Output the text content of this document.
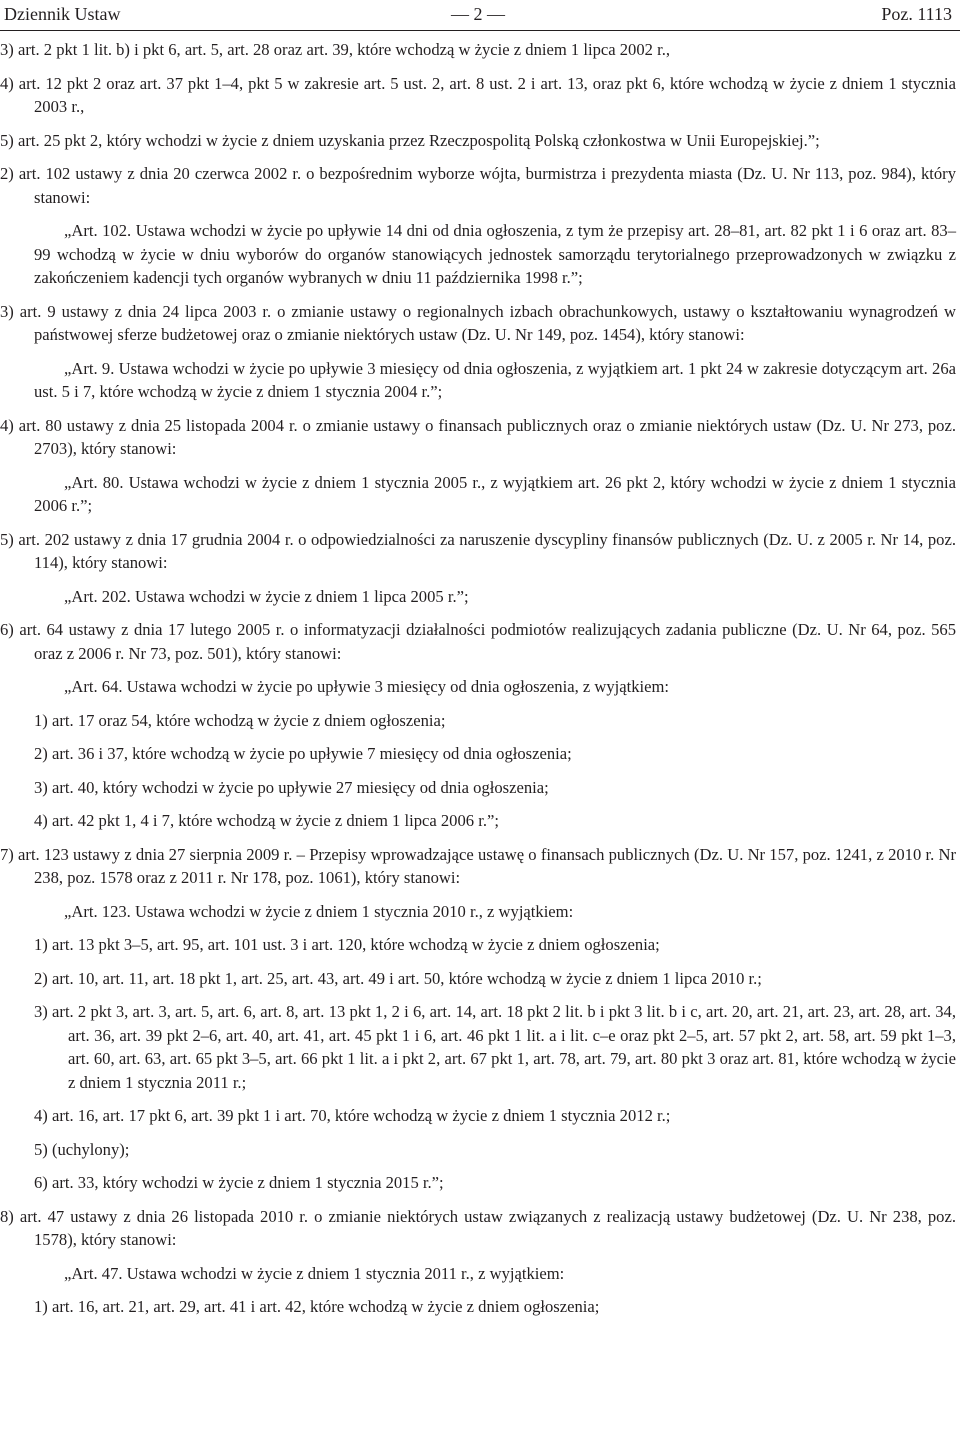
Dziennik Ustaw	— 2 —	Poz. 1113

3) art. 2 pkt 1 lit. b) i pkt 6, art. 5, art. 28 oraz art. 39, które wchodzą w życie z dniem 1 lipca 2002 r.,

4) art. 12 pkt 2 oraz art. 37 pkt 1–4, pkt 5 w zakresie art. 5 ust. 2, art. 8 ust. 2 i art. 13, oraz pkt 6, które wchodzą w życie z dniem 1 stycznia 2003 r.,

5) art. 25 pkt 2, który wchodzi w życie z dniem uzyskania przez Rzeczpospolitą Polską członkostwa w Unii Europejskiej.”;

2) art. 102 ustawy z dnia 20 czerwca 2002 r. o bezpośrednim wyborze wójta, burmistrza i prezydenta miasta (Dz. U. Nr 113, poz. 984), który stanowi:

„Art. 102. Ustawa wchodzi w życie po upływie 14 dni od dnia ogłoszenia, z tym że przepisy art. 28–81, art. 82 pkt 1 i 6 oraz art. 83–99 wchodzą w życie w dniu wyborów do organów stanowiących jednostek samorządu terytorialnego przeprowadzonych w związku z zakończeniem kadencji tych organów wybranych w dniu 11 października 1998 r.”;

3) art. 9 ustawy z dnia 24 lipca 2003 r. o zmianie ustawy o regionalnych izbach obrachunkowych, ustawy o kształtowaniu wynagrodzeń w państwowej sferze budżetowej oraz o zmianie niektórych ustaw (Dz. U. Nr 149, poz. 1454), który stanowi:

„Art. 9. Ustawa wchodzi w życie po upływie 3 miesięcy od dnia ogłoszenia, z wyjątkiem art. 1 pkt 24 w zakresie dotyczącym art. 26a ust. 5 i 7, które wchodzą w życie z dniem 1 stycznia 2004 r.”;

4) art. 80 ustawy z dnia 25 listopada 2004 r. o zmianie ustawy o finansach publicznych oraz o zmianie niektórych ustaw (Dz. U. Nr 273, poz. 2703), który stanowi:

„Art. 80. Ustawa wchodzi w życie z dniem 1 stycznia 2005 r., z wyjątkiem art. 26 pkt 2, który wchodzi w życie z dniem 1 stycznia 2006 r.”;

5) art. 202 ustawy z dnia 17 grudnia 2004 r. o odpowiedzialności za naruszenie dyscypliny finansów publicznych (Dz. U. z 2005 r. Nr 14, poz. 114), który stanowi:

„Art. 202. Ustawa wchodzi w życie z dniem 1 lipca 2005 r.”;

6) art. 64 ustawy z dnia 17 lutego 2005 r. o informatyzacji działalności podmiotów realizujących zadania publiczne (Dz. U. Nr 64, poz. 565 oraz z 2006 r. Nr 73, poz. 501), który stanowi:

„Art. 64. Ustawa wchodzi w życie po upływie 3 miesięcy od dnia ogłoszenia, z wyjątkiem:

1) art. 17 oraz 54, które wchodzą w życie z dniem ogłoszenia;

2) art. 36 i 37, które wchodzą w życie po upływie 7 miesięcy od dnia ogłoszenia;

3) art. 40, który wchodzi w życie po upływie 27 miesięcy od dnia ogłoszenia;

4) art. 42 pkt 1, 4 i 7, które wchodzą w życie z dniem 1 lipca 2006 r.”;

7) art. 123 ustawy z dnia 27 sierpnia 2009 r. – Przepisy wprowadzające ustawę o finansach publicznych (Dz. U. Nr 157, poz. 1241, z 2010 r. Nr 238, poz. 1578 oraz z 2011 r. Nr 178, poz. 1061), który stanowi:

„Art. 123. Ustawa wchodzi w życie z dniem 1 stycznia 2010 r., z wyjątkiem:

1) art. 13 pkt 3–5, art. 95, art. 101 ust. 3 i art. 120, które wchodzą w życie z dniem ogłoszenia;

2) art. 10, art. 11, art. 18 pkt 1, art. 25, art. 43, art. 49 i art. 50, które wchodzą w życie z dniem 1 lipca 2010 r.;

3) art. 2 pkt 3, art. 3, art. 5, art. 6, art. 8, art. 13 pkt 1, 2 i 6, art. 14, art. 18 pkt 2 lit. b i pkt 3 lit. b i c, art. 20, art. 21, art. 23, art. 28, art. 34, art. 36, art. 39 pkt 2–6, art. 40, art. 41, art. 45 pkt 1 i 6, art. 46 pkt 1 lit. a i lit. c–e oraz pkt 2–5, art. 57 pkt 2, art. 58, art. 59 pkt 1–3, art. 60, art. 63, art. 65 pkt 3–5, art. 66 pkt 1 lit. a i pkt 2, art. 67 pkt 1, art. 78, art. 79, art. 80 pkt 3 oraz art. 81, które wchodzą w życie z dniem 1 stycznia 2011 r.;

4) art. 16, art. 17 pkt 6, art. 39 pkt 1 i art. 70, które wchodzą w życie z dniem 1 stycznia 2012 r.;

5) (uchylony);

6) art. 33, który wchodzi w życie z dniem 1 stycznia 2015 r.”;

8) art. 47 ustawy z dnia 26 listopada 2010 r. o zmianie niektórych ustaw związanych z realizacją ustawy budżetowej (Dz. U. Nr 238, poz. 1578), który stanowi:

„Art. 47. Ustawa wchodzi w życie z dniem 1 stycznia 2011 r., z wyjątkiem:

1) art. 16, art. 21, art. 29, art. 41 i art. 42, które wchodzą w życie z dniem ogłoszenia;
